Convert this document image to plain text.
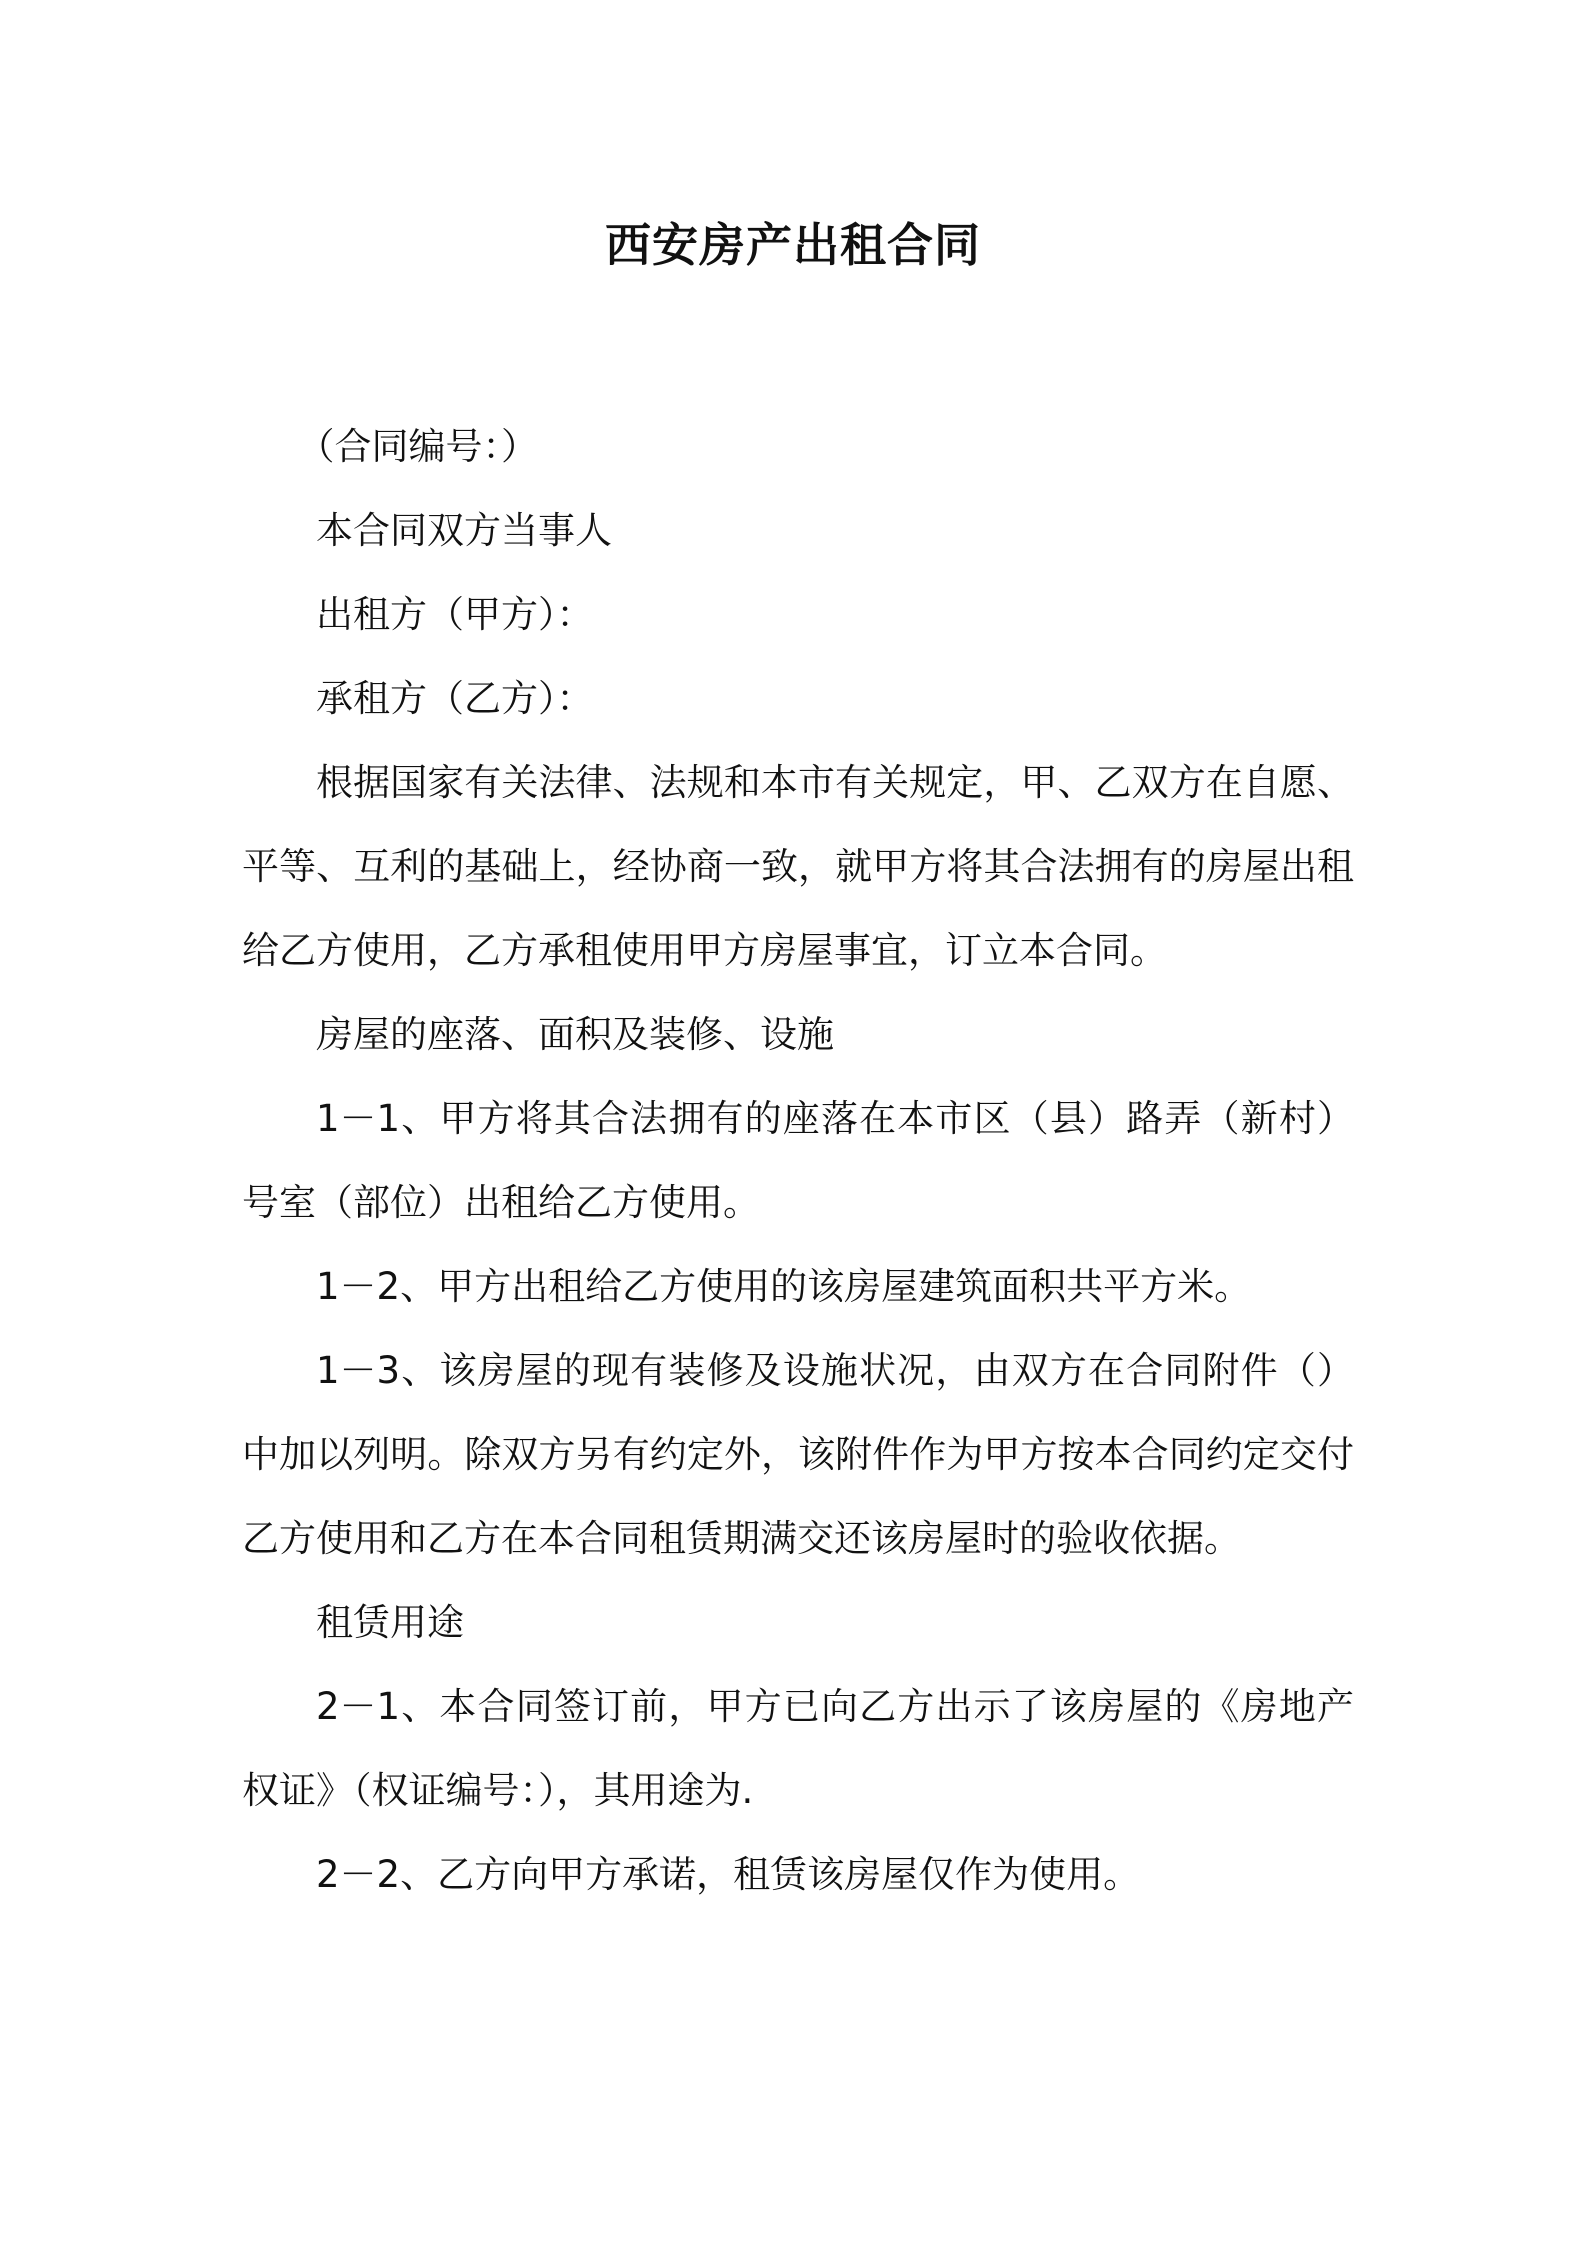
西安房产出租合同

（合同编号：）

本合同双方当事人

出租方（甲方）：

承租方（乙方）：

根据国家有关法律、法规和本市有关规定，甲、乙双方在自愿、平等、互利的基础上，经协商一致，就甲方将其合法拥有的房屋出租给乙方使用，乙方承租使用甲方房屋事宜，订立本合同。

房屋的座落、面积及装修、设施

1－1、甲方将其合法拥有的座落在本市区（县）路弄（新村）号室（部位）出租给乙方使用。

1－2、甲方出租给乙方使用的该房屋建筑面积共平方米。

1－3、该房屋的现有装修及设施状况，由双方在合同附件（）中加以列明。除双方另有约定外，该附件作为甲方按本合同约定交付乙方使用和乙方在本合同租赁期满交还该房屋时的验收依据。

租赁用途

2－1、本合同签订前，甲方已向乙方出示了该房屋的《房地产权证》（权证编号：），其用途为.

2－2、乙方向甲方承诺，租赁该房屋仅作为使用。
